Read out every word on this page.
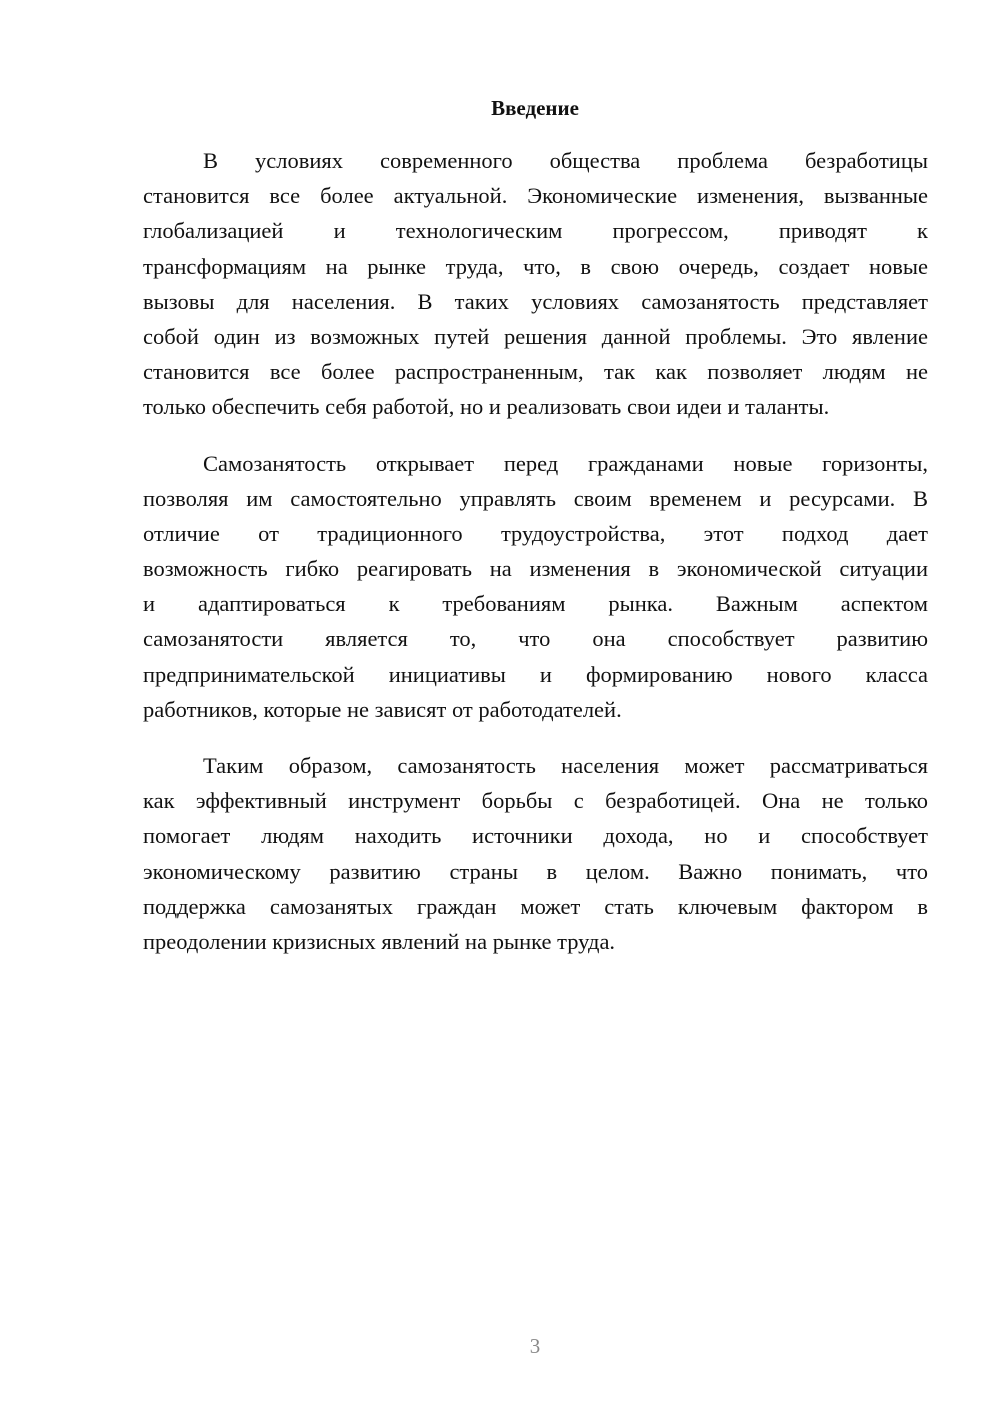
Введение
В условиях современного общества проблема безработицы
становится все более актуальной. Экономические изменения, вызванные
глобализацией и технологическим прогрессом, приводят к
трансформациям на рынке труда, что, в свою очередь, создает новые
вызовы для населения. В таких условиях самозанятость представляет
собой один из возможных путей решения данной проблемы. Это явление
становится все более распространенным, так как позволяет людям не
только обеспечить себя работой, но и реализовать свои идеи и таланты.
Самозанятость открывает перед гражданами новые горизонты,
позволяя им самостоятельно управлять своим временем и ресурсами. В
отличие от традиционного трудоустройства, этот подход дает
возможность гибко реагировать на изменения в экономической ситуации
и адаптироваться к требованиям рынка. Важным аспектом
самозанятости является то, что она способствует развитию
предпринимательской инициативы и формированию нового класса
работников, которые не зависят от работодателей.
Таким образом, самозанятость населения может рассматриваться
как эффективный инструмент борьбы с безработицей. Она не только
помогает людям находить источники дохода, но и способствует
экономическому развитию страны в целом. Важно понимать, что
поддержка самозанятых граждан может стать ключевым фактором в
преодолении кризисных явлений на рынке труда.
3
